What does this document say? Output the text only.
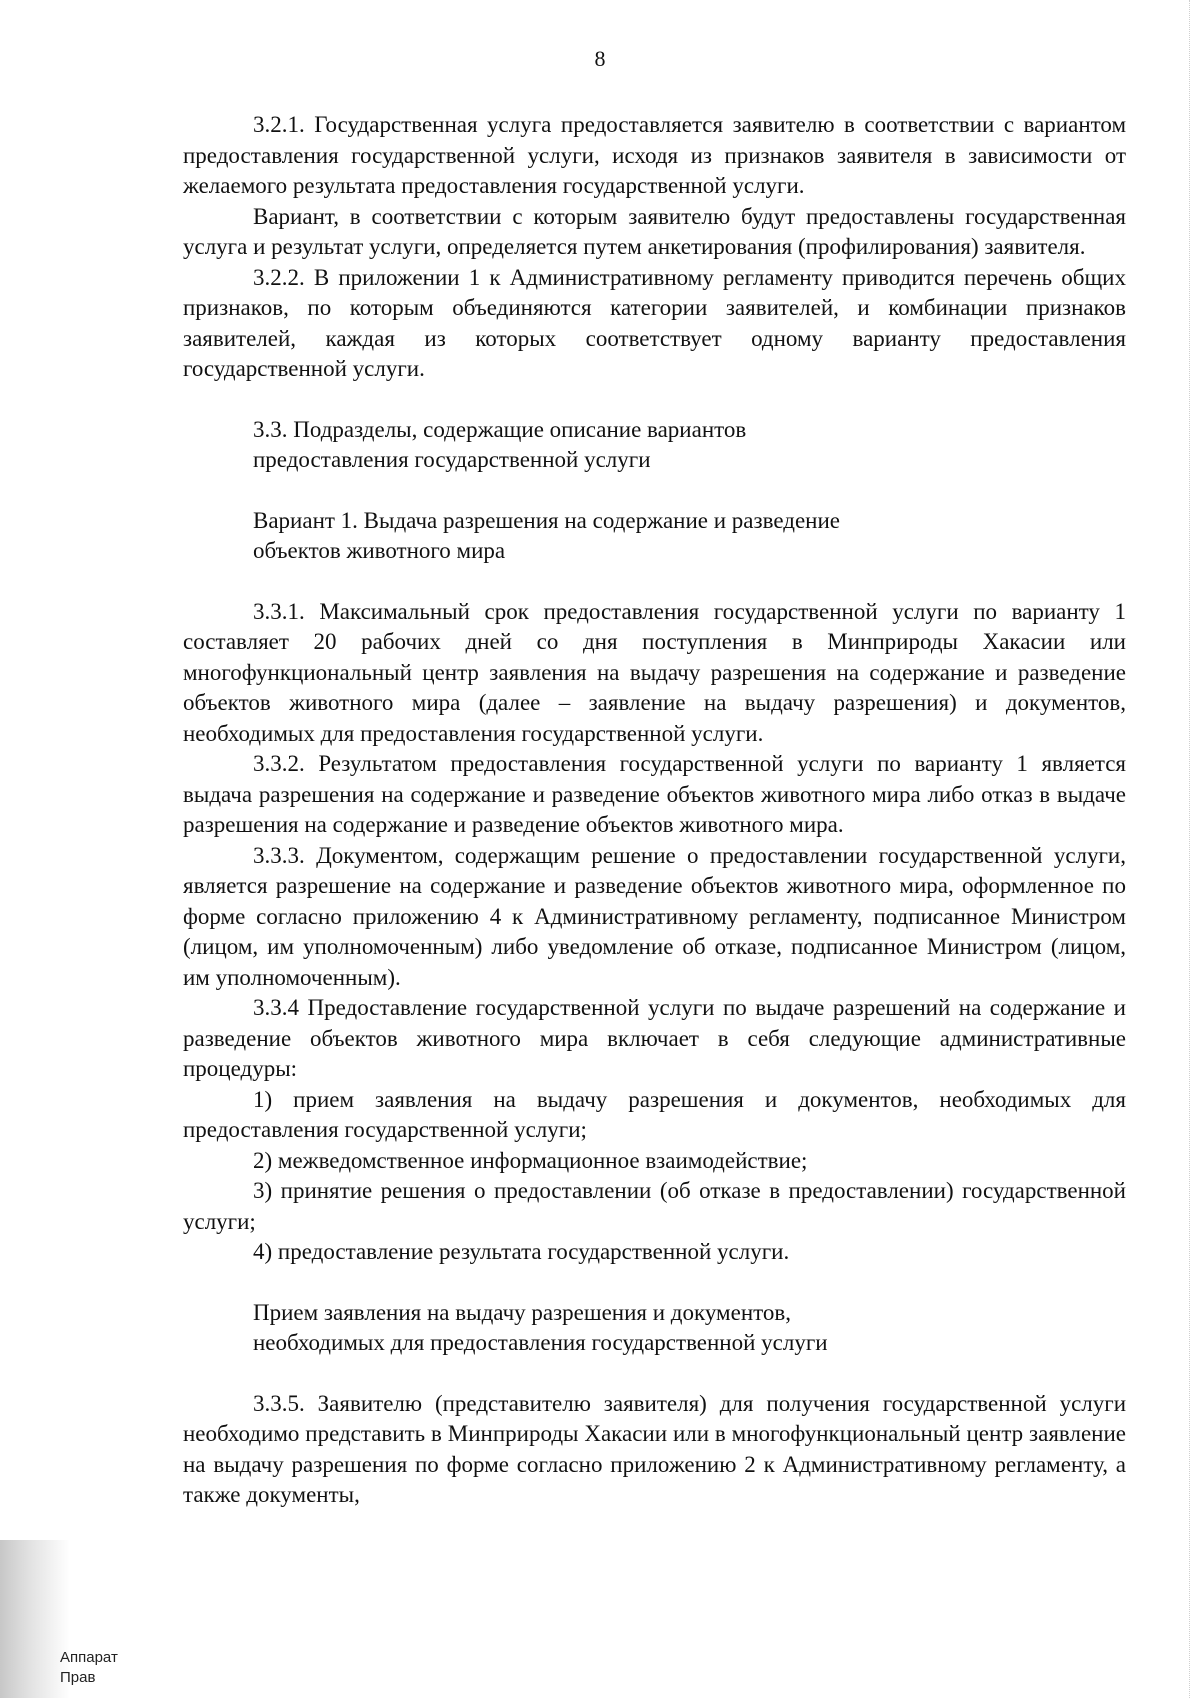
8

3.2.1. Государственная услуга предоставляется заявителю в соответствии с вариантом предоставления государственной услуги, исходя из признаков заявителя в зависимости от желаемого результата предоставления государственной услуги.

Вариант, в соответствии с которым заявителю будут предоставлены государственная услуга и результат услуги, определяется путем анкетирования (профилирования) заявителя.

3.2.2. В приложении 1 к Административному регламенту приводится перечень общих признаков, по которым объединяются категории заявителей, и комбинации признаков заявителей, каждая из которых соответствует одному варианту предоставления государственной услуги.

3.3. Подразделы, содержащие описание вариантов

предоставления государственной услуги

Вариант 1. Выдача разрешения на содержание и разведение

объектов животного мира

3.3.1. Максимальный срок предоставления государственной услуги по варианту 1 составляет 20 рабочих дней со дня поступления в Минприроды Хакасии или многофункциональный центр заявления на выдачу разрешения на содержание и разведение объектов животного мира (далее – заявление на выдачу разрешения) и документов, необходимых для предоставления государственной услуги.

3.3.2. Результатом предоставления государственной услуги по варианту 1 является выдача разрешения на содержание и разведение объектов животного мира либо отказ в выдаче разрешения на содержание и разведение объектов животного мира.

3.3.3. Документом, содержащим решение о предоставлении государственной услуги, является разрешение на содержание и разведение объектов животного мира, оформленное по форме согласно приложению 4 к Административному регламенту, подписанное Министром (лицом, им уполномоченным) либо уведомление об отказе, подписанное Министром (лицом, им уполномоченным).

3.3.4 Предоставление государственной услуги по выдаче разрешений на содержание и разведение объектов животного мира включает в себя следующие административные процедуры:

1) прием заявления на выдачу разрешения и документов, необходимых для предоставления государственной услуги;

2) межведомственное информационное взаимодействие;

3) принятие решения о предоставлении (об отказе в предоставлении) государственной услуги;

4) предоставление результата государственной услуги.

Прием заявления на выдачу разрешения и документов,

необходимых для предоставления государственной услуги

3.3.5. Заявителю (представителю заявителя) для получения государственной услуги необходимо представить в Минприроды Хакасии или в многофункциональный центр заявление на выдачу разрешения по форме согласно приложению 2 к Административному регламенту, а также документы,

Аппарат
Прав
